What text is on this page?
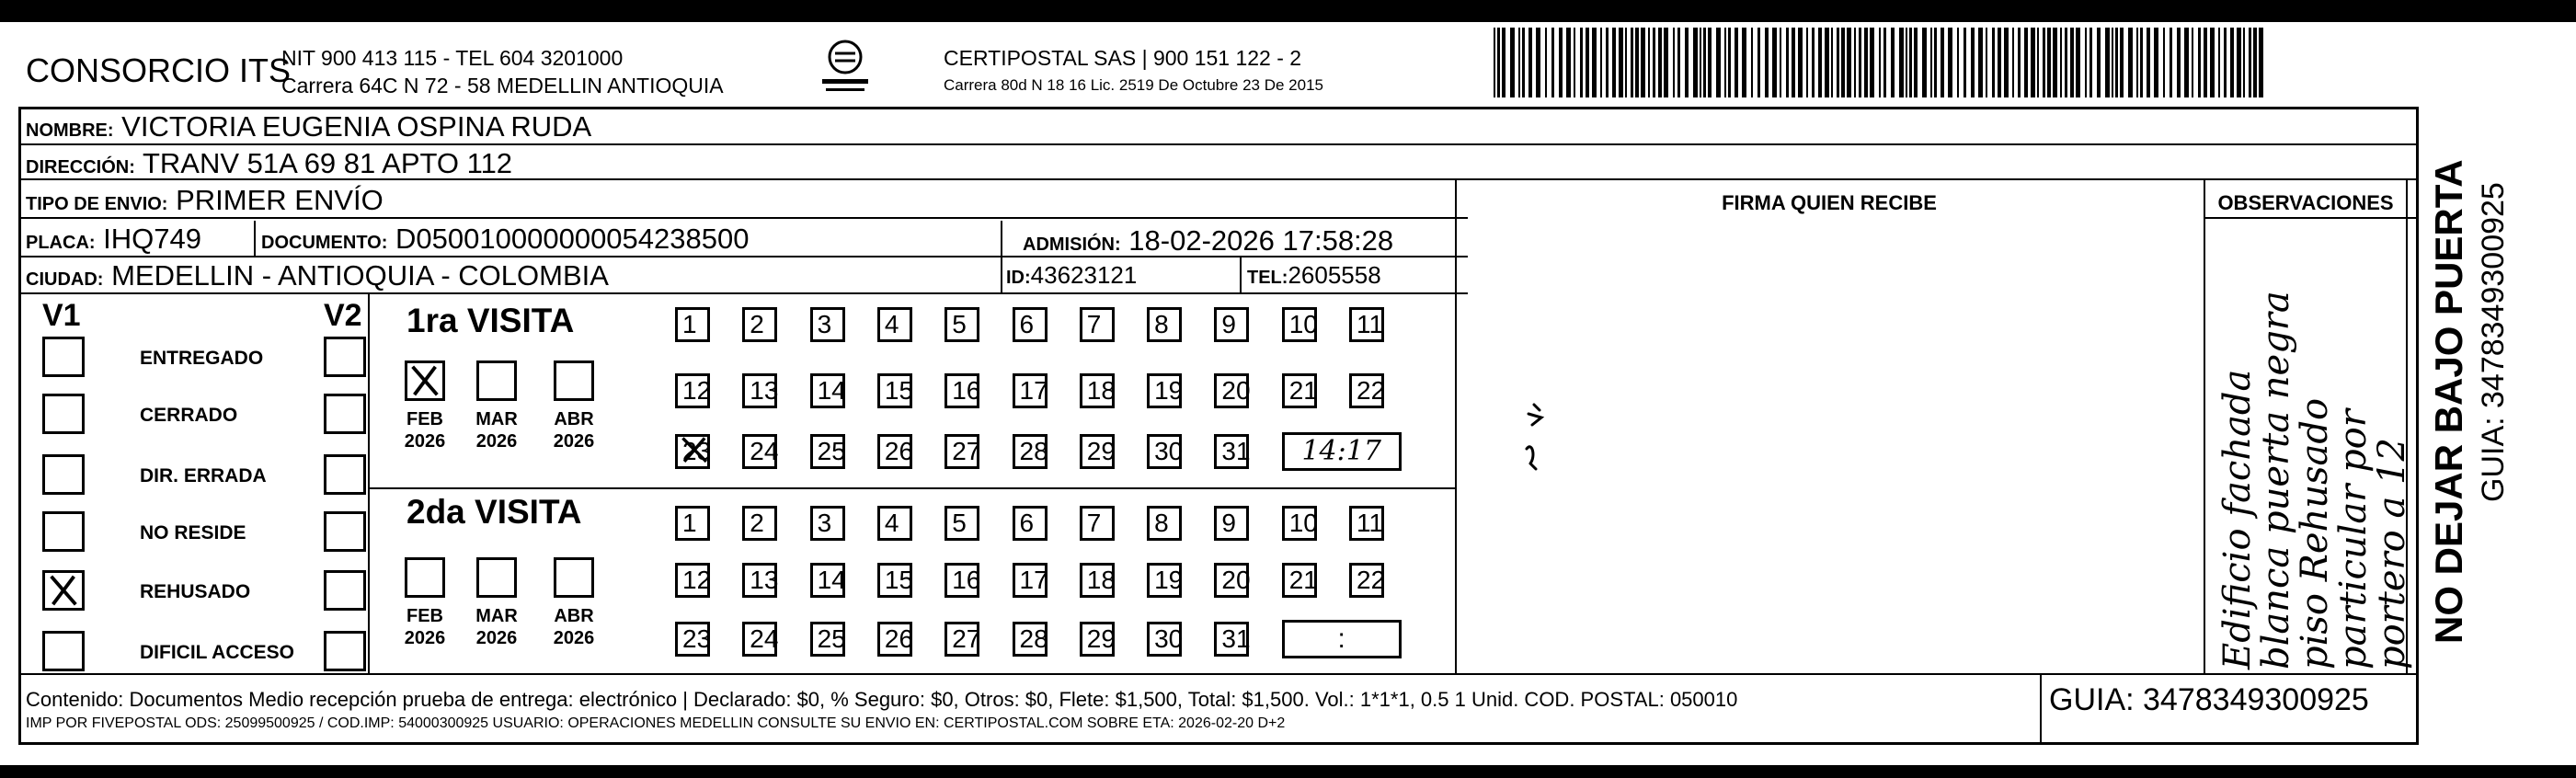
CONSORCIO ITS
NIT 900 413 115 - TEL 604 3201000
Carrera 64C N 72 - 58 MEDELLIN ANTIOQUIA
CERTIPOSTAL SAS | 900 151 122 - 2
Carrera 80d N 18 16 Lic. 2519 De Octubre 23 De 2015
NOMBRE: VICTORIA EUGENIA OSPINA RUDA
DIRECCIÓN: TRANV 51A 69 81 APTO 112
TIPO DE ENVIO: PRIMER ENVÍO
PLACA: IHQ749	DOCUMENTO: D050010000000054238500	ADMISIÓN: 18-02-2026 17:58:28
CIUDAD: MEDELLIN - ANTIOQUIA - COLOMBIA	ID:43623121	TEL:2605558
FIRMA QUIEN RECIBE	OBSERVACIONES
Edificio fachada
blanca puerta negra
piso Rehusado
particular por
portero a 12
V1	V2
ENTREGADO
CERRADO
DIR. ERRADA
NO RESIDE
REHUSADO
DIFICIL ACCESO
1ra VISITA
2da VISITA
FEB
2026
MAR
2026
ABR
2026
FEB
2026
MAR
2026
ABR
2026
1	2	3	4	5	6	7	8	9	10 11
12 13 14 15 16 17 18 19 20 21 22
23 24 25 26 27 28 29 30 31	14:17
1	2	3	4	5	6	7	8	9	10 11
12 13 14 15 16 17 18 19 20 21 22
23 24 25 26 27 28 29 30 31	:	NO DEJAR BAJO PUERTA GUIA: 3478349300925
Contenido: Documentos Medio recepción prueba de entrega: electrónico | Declarado: $0, % Seguro: $0, Otros: $0, Flete: $1,500, Total: $1,500. Vol.: 1*1*1, 0.5 1 Unid. COD. POSTAL: 050010
IMP POR FIVEPOSTAL ODS: 25099500925 / COD.IMP: 54000300925 USUARIO: OPERACIONES MEDELLIN CONSULTE SU ENVIO EN: CERTIPOSTAL.COM SOBRE ETA: 2026-02-20 D+2
GUIA: 3478349300925
